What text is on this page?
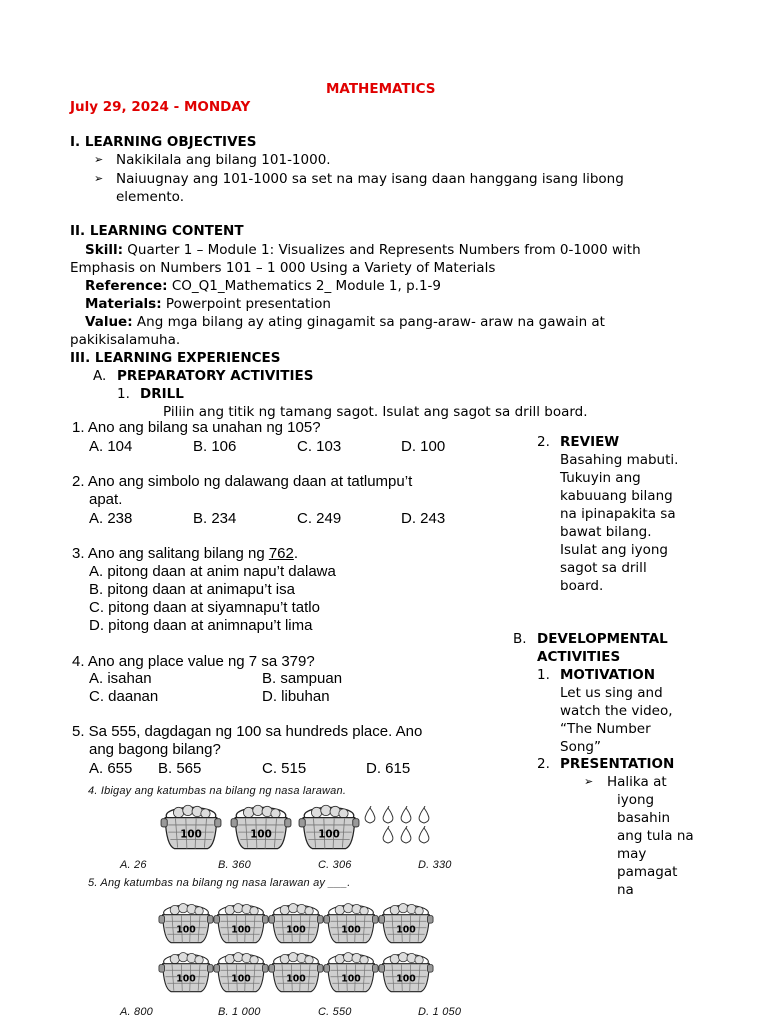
MATHEMATICS
July 29, 2024 - MONDAY
I. LEARNING OBJECTIVES
➢ Nakikilala ang bilang 101-1000.
➢ Naiuugnay ang 101-1000 sa set na may isang daan hanggang isang libong
elemento.
II. LEARNING CONTENT
Skill: Quarter 1 – Module 1: Visualizes and Represents Numbers from 0-1000 with
Emphasis on Numbers 101 – 1 000 Using a Variety of Materials
Reference: CO_Q1_Mathematics 2_ Module 1, p.1-9
Materials: Powerpoint presentation
Value: Ang mga bilang ay ating ginagamit sa pang-araw- araw na gawain at
pakikisalamuha.
III. LEARNING EXPERIENCES
A. PREPARATORY ACTIVITIES
1. DRILL
Piliin ang titik ng tamang sagot. Isulat ang sagot sa drill board.
1. Ano ang bilang sa unahan ng 105?
A. 104	B. 106	C. 103	D. 100
2. Ano ang simbolo ng dalawang daan at tatlumpu’t
apat.
A. 238	B. 234	C. 249	D. 243
3. Ano ang salitang bilang ng 762.
A. pitong daan at anim napu’t dalawa
B. pitong daan at animapu’t isa
C. pitong daan at siyamnapu’t tatlo
D. pitong daan at animnapu’t lima
4. Ano ang place value ng 7 sa 379?
A. isahan	B. sampuan
C. daanan	D. libuhan
5. Sa 555, dagdagan ng 100 sa hundreds place. Ano
ang bagong bilang?
A. 655 B. 565	C. 515	D. 615
4. Ibigay ang katumbas na bilang ng nasa larawan.
100	100	100
A. 26	B. 360	C. 306	D. 330
5. Ang katumbas na bilang ng nasa larawan ay ___.
100	100	100	100	100
100	100	100	100	100
A. 800	B. 1 000	C. 550	D. 1 050
2. REVIEW
Basahing mabuti.
Tukuyin ang
kabuuang bilang
na ipinapakita sa
bawat bilang.
Isulat ang iyong
sagot sa drill
board.
B. DEVELOPMENTAL
ACTIVITIES
1. MOTIVATION
Let us sing and
watch the video,
“The Number
Song”
2. PRESENTATION
➢ Halika at
iyong
basahin
ang tula na
may
pamagat
na
